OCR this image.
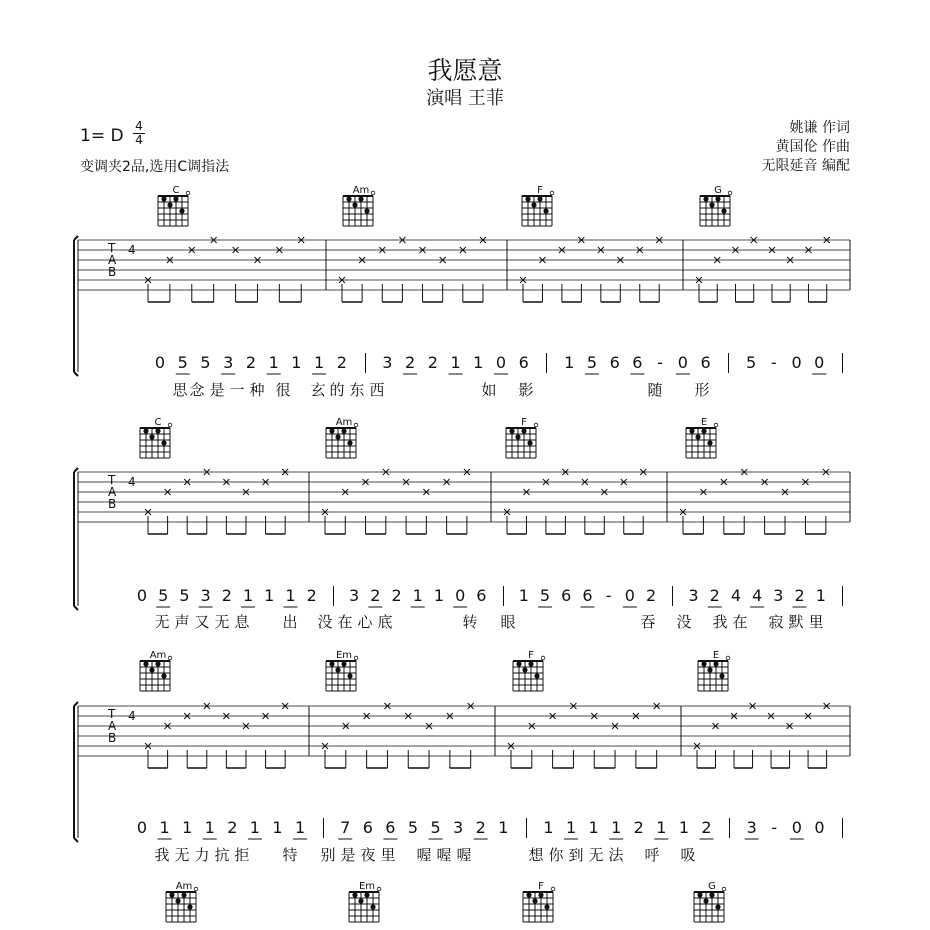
我愿意
演唱 王菲
1= D 4
4
变调夹2品,选用C调指法
姚谦 作词
黄国伦 作曲
无限延音 编配
C	Am	F	G
C	Am	F	E
Am	Em	F	E
Am	Em	F	G
0 5 5 3 2 1 1 1 2 3 2 2 1 1 0 6 1 5 6 6 - 0 6 5 - 0 0
0 5 5 3 2 1 1 1 2 3 2 2 1 1 0 6 1 5 6 6 - 0 2 3 2 4 4 3 2 1
0 1 1 1 2 1 1 1 7 6 6 5 5 3 2 1 1 1 1 1 2 1 1 2 3 - 0 0
思 念 是 一 种 很 玄 的 东 西	如 影	随 形
无 声 又 无 息 出 没 在 心 底	转 眼	吞 没 我 在 寂 默 里
我 无 力 抗 拒 特 别 是 夜 里 喔 喔 喔	想 你 到 无 法 呼 吸
T
A
B
4
T
A
B
4
T
A
B
4
